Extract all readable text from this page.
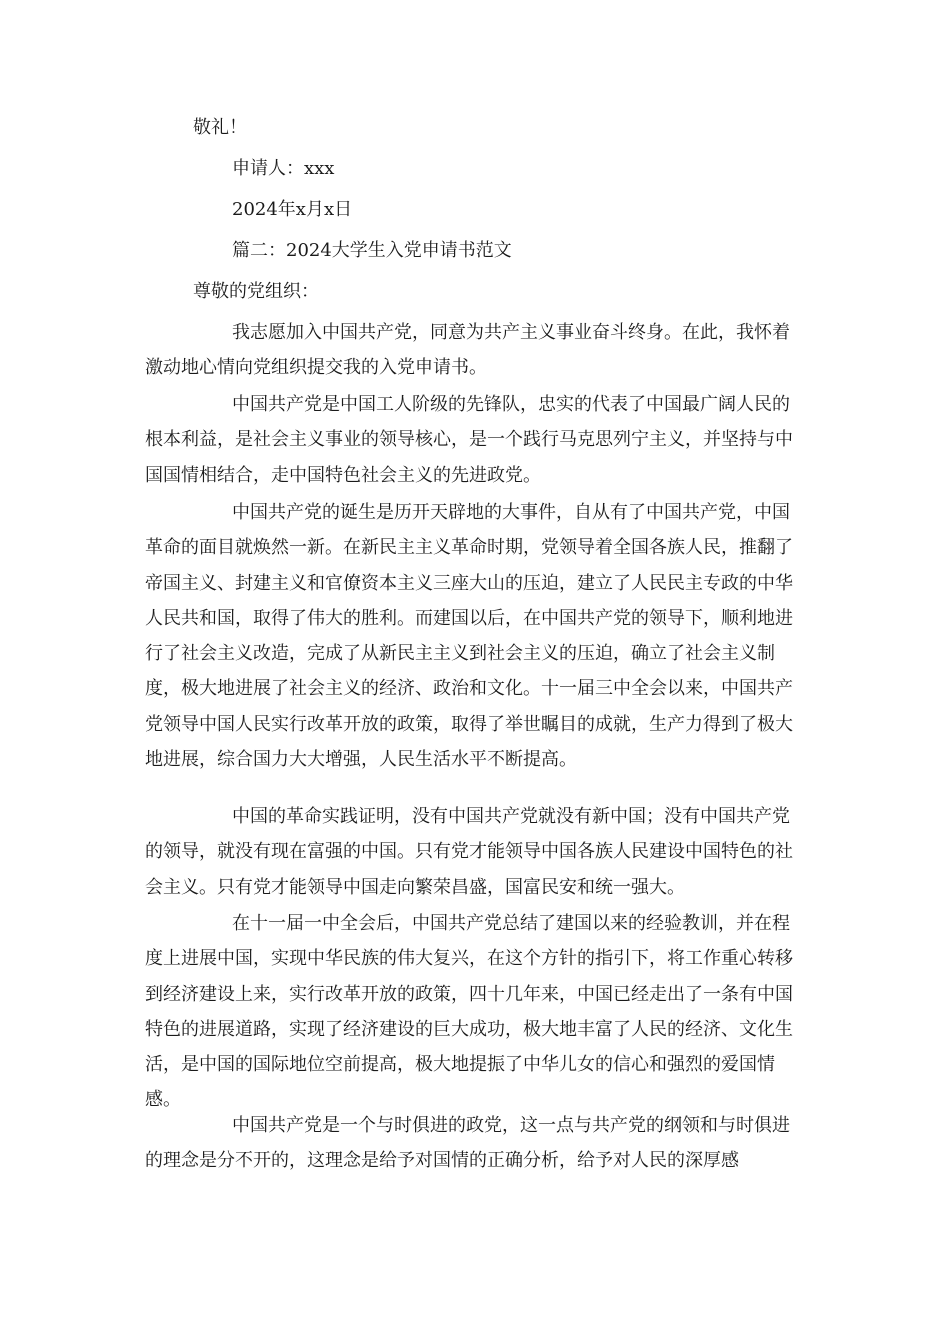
敬礼！

申请人：xxx

2024年x月x日

篇二：2024大学生入党申请书范文

尊敬的党组织：

我志愿加入中国共产党，同意为共产主义事业奋斗终身。在此，我怀着激动地心情向党组织提交我的入党申请书。

中国共产党是中国工人阶级的先锋队，忠实的代表了中国最广阔人民的根本利益，是社会主义事业的领导核心，是一个践行马克思列宁主义，并坚持与中国国情相结合，走中国特色社会主义的先进政党。

中国共产党的诞生是历开天辟地的大事件，自从有了中国共产党，中国革命的面目就焕然一新。在新民主主义革命时期，党领导着全国各族人民，推翻了帝国主义、封建主义和官僚资本主义三座大山的压迫，建立了人民民主专政的中华人民共和国，取得了伟大的胜利。而建国以后，在中国共产党的领导下，顺利地进行了社会主义改造，完成了从新民主主义到社会主义的压迫，确立了社会主义制度，极大地进展了社会主义的经济、政治和文化。十一届三中全会以来，中国共产党领导中国人民实行改革开放的政策，取得了举世瞩目的成就，生产力得到了极大地进展，综合国力大大增强，人民生活水平不断提高。

中国的革命实践证明，没有中国共产党就没有新中国；没有中国共产党的领导，就没有现在富强的中国。只有党才能领导中国各族人民建设中国特色的社会主义。只有党才能领导中国走向繁荣昌盛，国富民安和统一强大。

在十一届一中全会后，中国共产党总结了建国以来的经验教训，并在程度上进展中国，实现中华民族的伟大复兴，在这个方针的指引下，将工作重心转移到经济建设上来，实行改革开放的政策，四十几年来，中国已经走出了一条有中国特色的进展道路，实现了经济建设的巨大成功，极大地丰富了人民的经济、文化生活，是中国的国际地位空前提高，极大地提振了中华儿女的信心和强烈的爱国情感。

中国共产党是一个与时俱进的政党，这一点与共产党的纲领和与时俱进的理念是分不开的，这理念是给予对国情的正确分析，给予对人民的深厚感
